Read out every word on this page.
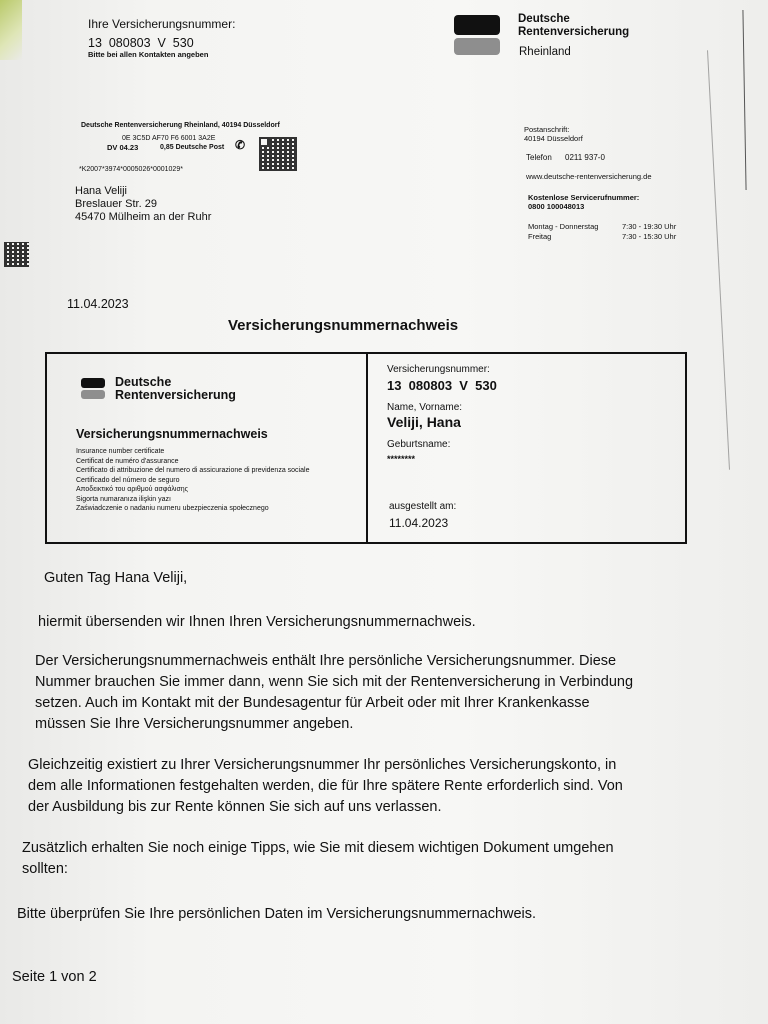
Ihre Versicherungsnummer:
13  080803  V  530
Bitte bei allen Kontakten angeben
Deutsche
Rentenversicherung
Rheinland
Deutsche Rentenversicherung Rheinland, 40194 Düsseldorf
0E 3C5D AF70 F6 6001 3A2E
DV 04.23	0,85 Deutsche Post ✆
*K2007*3974*0005026*0001029*
Hana Veliji
Breslauer Str. 29
45470 Mülheim an der Ruhr
Postanschrift:
40194 Düsseldorf
Telefon 0211 937-0
www.deutsche-rentenversicherung.de
Kostenlose Servicerufnummer:
0800 100048013
Montag - Donnerstag	7:30 - 19:30 Uhr
Freitag	7:30 - 15:30 Uhr
11.04.2023
Versicherungsnummernachweis
Deutsche
Rentenversicherung
Versicherungsnummernachweis
Insurance number certificate
Certificat de numéro d'assurance
Certificato di attribuzione del numero di assicurazione di previdenza sociale
Certificado del número de seguro
Αποδεικτικό του αριθμού ασφάλισης
Sigorta numaranıza ilişkin yazı
Zaświadczenie o nadaniu numeru ubezpieczenia społecznego
Versicherungsnummer:
13  080803  V  530
Name, Vorname:
Veliji, Hana
Geburtsname:
********
ausgestellt am:
11.04.2023
Guten Tag Hana Veliji,
hiermit übersenden wir Ihnen Ihren Versicherungsnummernachweis.
Der Versicherungsnummernachweis enthält Ihre persönliche Versicherungsnummer. Diese
Nummer brauchen Sie immer dann, wenn Sie sich mit der Rentenversicherung in Verbindung
setzen. Auch im Kontakt mit der Bundesagentur für Arbeit oder mit Ihrer Krankenkasse
müssen Sie Ihre Versicherungsnummer angeben.
Gleichzeitig existiert zu Ihrer Versicherungsnummer Ihr persönliches Versicherungskonto, in
dem alle Informationen festgehalten werden, die für Ihre spätere Rente erforderlich sind. Von
der Ausbildung bis zur Rente können Sie sich auf uns verlassen.
Zusätzlich erhalten Sie noch einige Tipps, wie Sie mit diesem wichtigen Dokument umgehen
sollten:
Bitte überprüfen Sie Ihre persönlichen Daten im Versicherungsnummernachweis.
Seite 1 von 2
